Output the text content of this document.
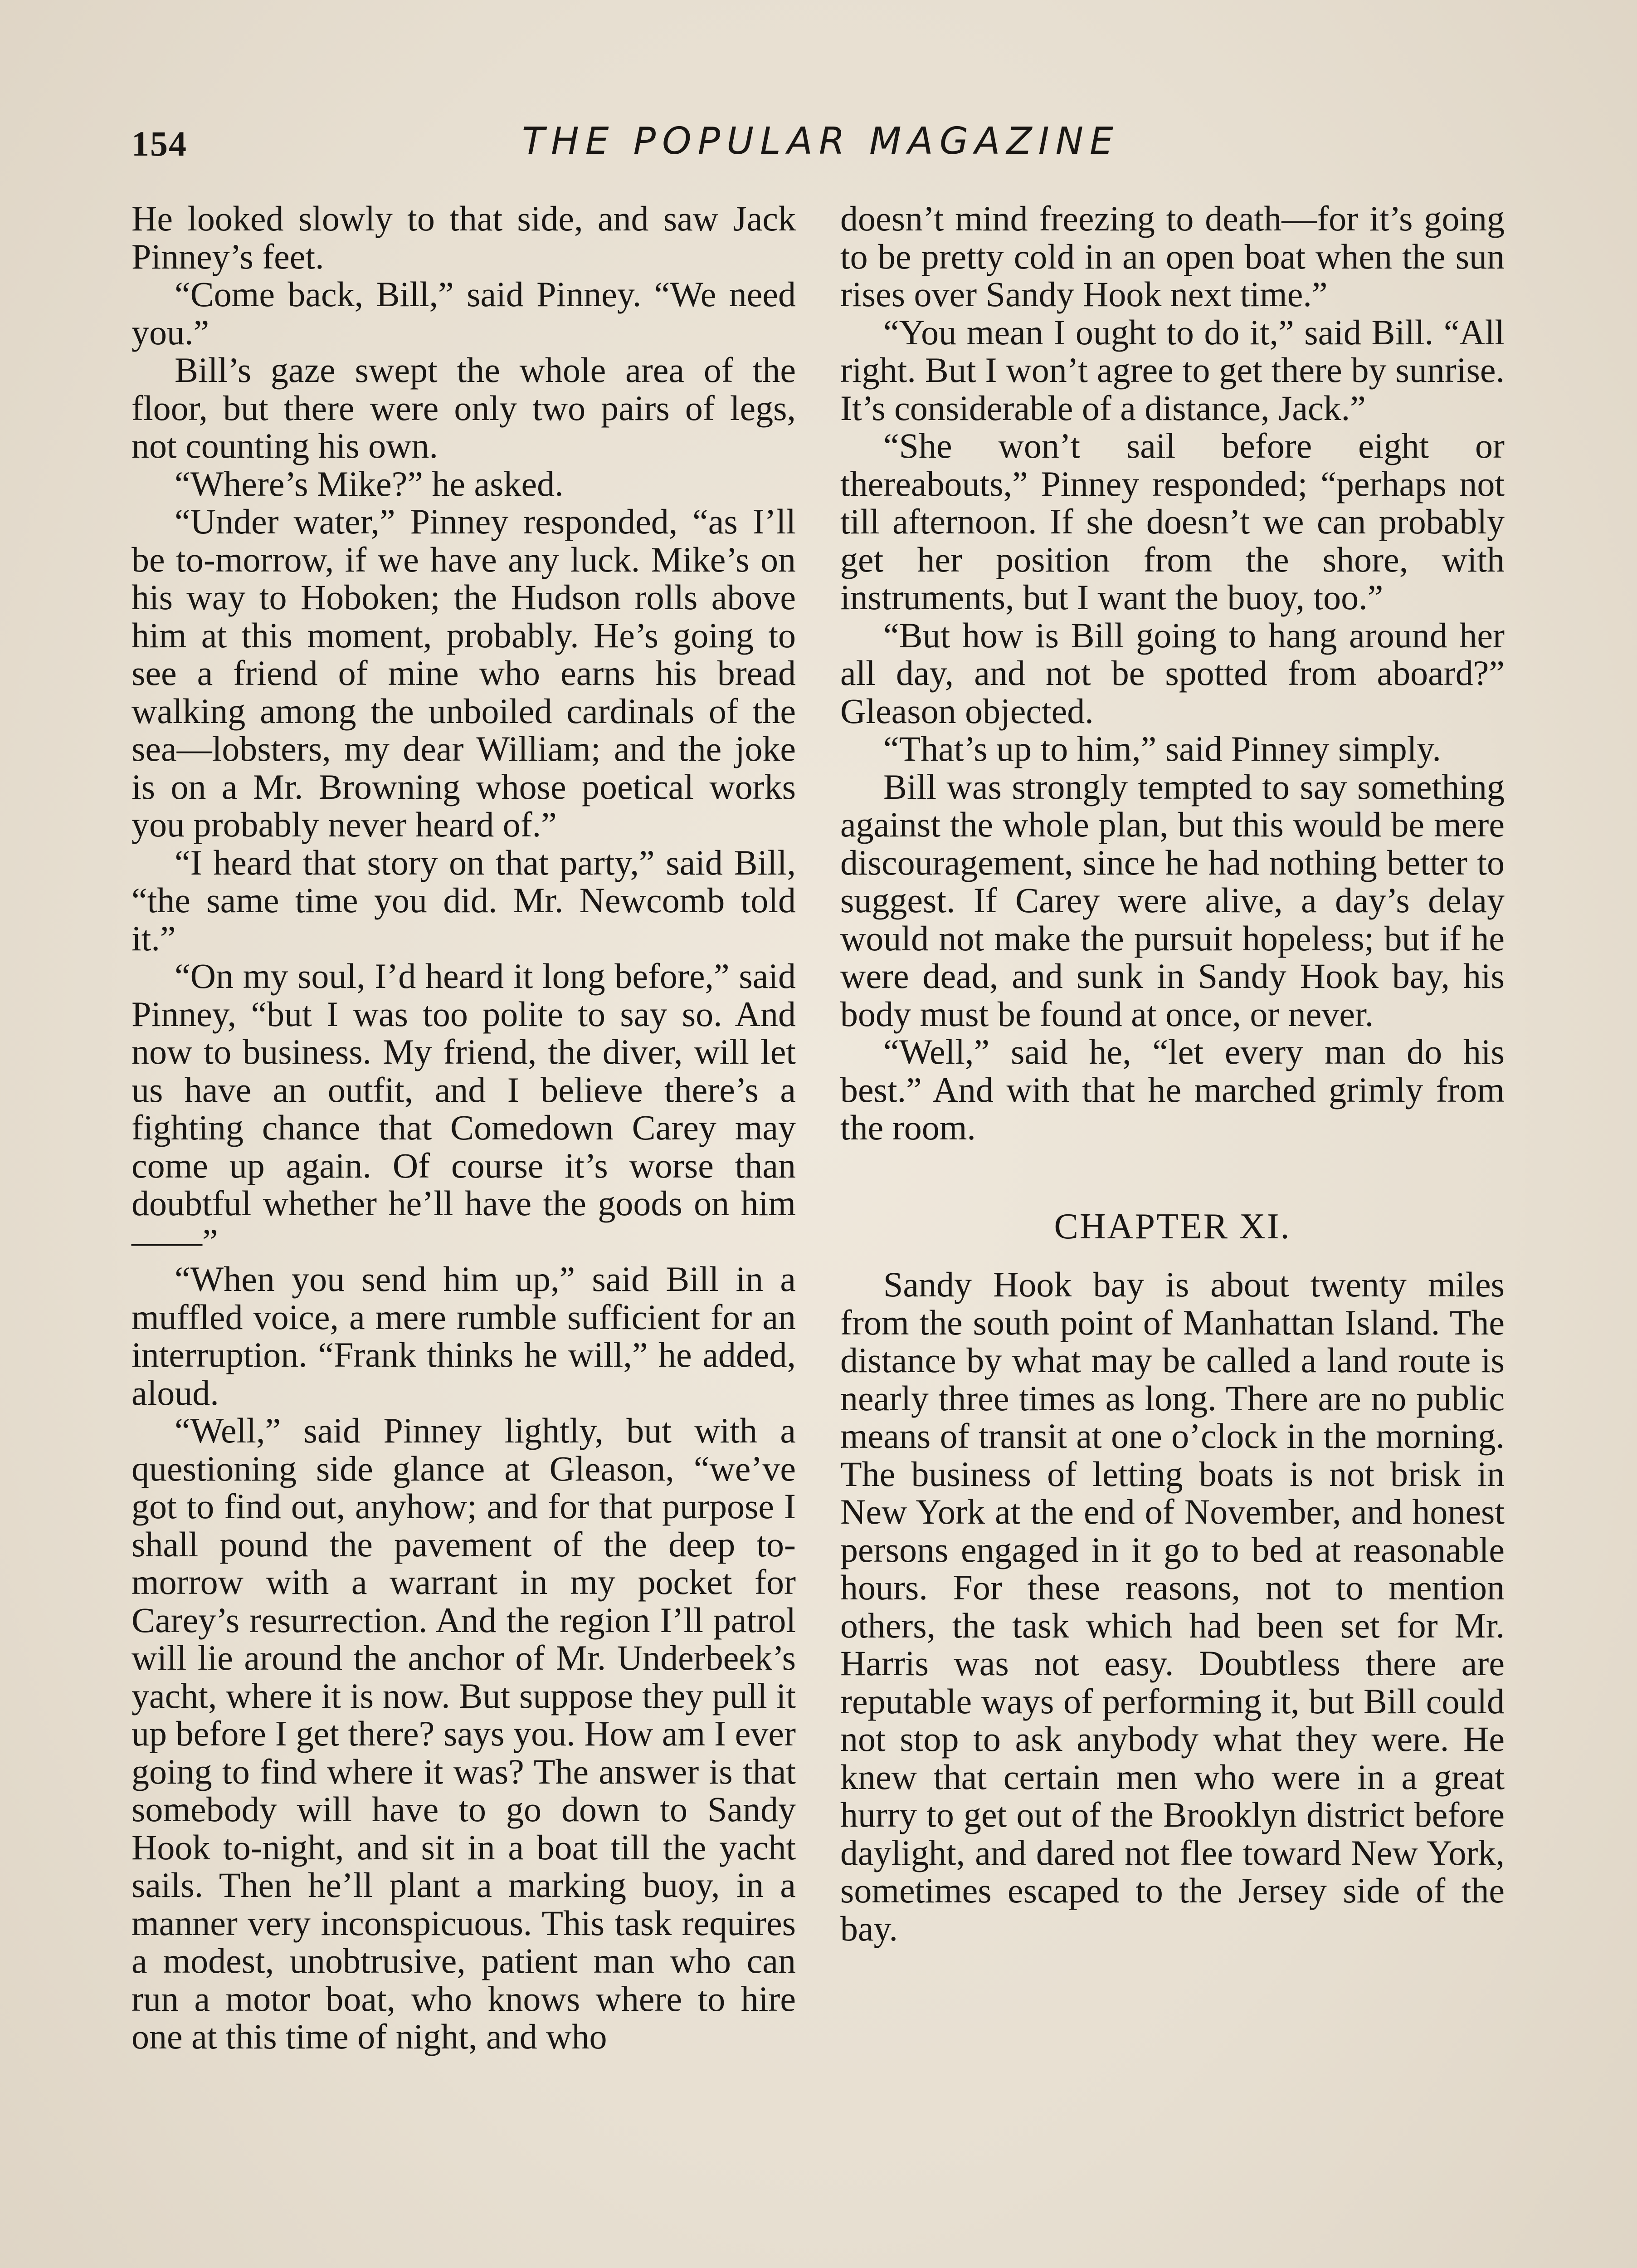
154	THE POPULAR MAGAZINE

He looked slowly to that side, and saw Jack Pinney’s feet.

“Come back, Bill,” said Pinney. “We need you.”

Bill’s gaze swept the whole area of the floor, but there were only two pairs of legs, not counting his own.

“Where’s Mike?” he asked.

“Under water,” Pinney responded, “as I’ll be to-morrow, if we have any luck. Mike’s on his way to Hoboken; the Hudson rolls above him at this moment, probably. He’s going to see a friend of mine who earns his bread walking among the unboiled cardinals of the sea—lobsters, my dear William; and the joke is on a Mr. Browning whose poetical works you probably never heard of.”

“I heard that story on that party,” said Bill, “the same time you did. Mr. Newcomb told it.”

“On my soul, I’d heard it long before,” said Pinney, “but I was too polite to say so. And now to business. My friend, the diver, will let us have an outfit, and I believe there’s a fighting chance that Comedown Carey may come up again. Of course it’s worse than doubtful whether he’ll have the goods on him——”

“When you send him up,” said Bill in a muffled voice, a mere rumble sufficient for an interruption. “Frank thinks he will,” he added, aloud.

“Well,” said Pinney lightly, but with a questioning side glance at Gleason, “we’ve got to find out, anyhow; and for that purpose I shall pound the pavement of the deep to-morrow with a warrant in my pocket for Carey’s resurrection. And the region I’ll patrol will lie around the anchor of Mr. Underbeek’s yacht, where it is now. But suppose they pull it up before I get there? says you. How am I ever going to find where it was? The answer is that somebody will have to go down to Sandy Hook to-night, and sit in a boat till the yacht sails. Then he’ll plant a marking buoy, in a manner very inconspicuous. This task requires a modest, unobtrusive, patient man who can run a motor boat, who knows where to hire one at this time of night, and who

doesn’t mind freezing to death—for it’s going to be pretty cold in an open boat when the sun rises over Sandy Hook next time.”

“You mean I ought to do it,” said Bill. “All right. But I won’t agree to get there by sunrise. It’s considerable of a distance, Jack.”

“She won’t sail before eight or thereabouts,” Pinney responded; “perhaps not till afternoon. If she doesn’t we can probably get her position from the shore, with instruments, but I want the buoy, too.”

“But how is Bill going to hang around her all day, and not be spotted from aboard?” Gleason objected.

“That’s up to him,” said Pinney simply.

Bill was strongly tempted to say something against the whole plan, but this would be mere discouragement, since he had nothing better to suggest. If Carey were alive, a day’s delay would not make the pursuit hopeless; but if he were dead, and sunk in Sandy Hook bay, his body must be found at once, or never.

“Well,” said he, “let every man do his best.” And with that he marched grimly from the room.

CHAPTER XI.

Sandy Hook bay is about twenty miles from the south point of Manhattan Island. The distance by what may be called a land route is nearly three times as long. There are no public means of transit at one o’clock in the morning. The business of letting boats is not brisk in New York at the end of November, and honest persons engaged in it go to bed at reasonable hours. For these reasons, not to mention others, the task which had been set for Mr. Harris was not easy. Doubtless there are reputable ways of performing it, but Bill could not stop to ask anybody what they were. He knew that certain men who were in a great hurry to get out of the Brooklyn district before daylight, and dared not flee toward New York, sometimes escaped to the Jersey side of the bay.
